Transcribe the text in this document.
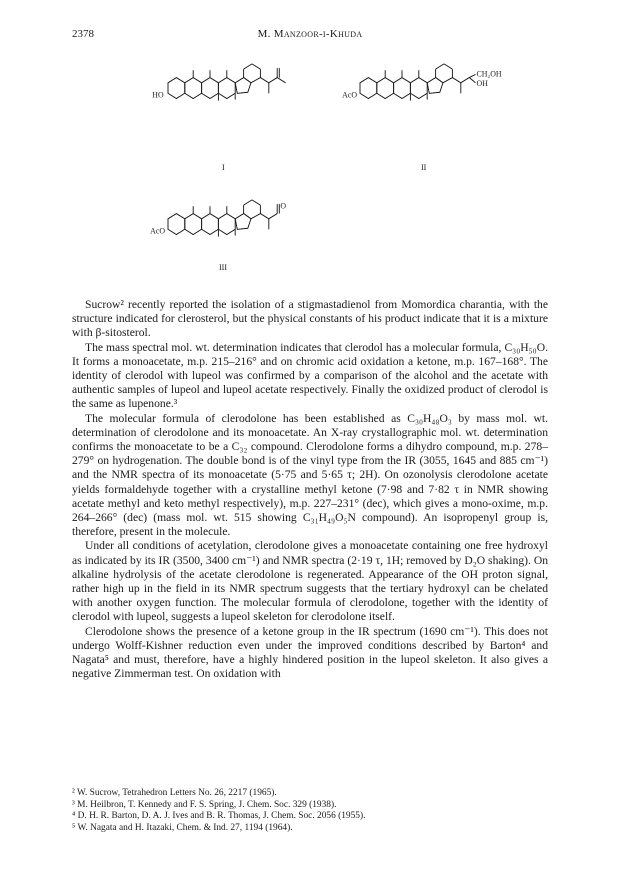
2378	M. Manzoor-i-Khuda
HO
I
AcO
CH₂OH
OH
II
AcO
O
III

Sucrow² recently reported the isolation of a stigmastadienol from Momordica charantia, with the structure indicated for clerosterol, but the physical constants of his product indicate that it is a mixture with β-sitosterol.

The mass spectral mol. wt. determination indicates that clerodol has a molecular formula, C₃₀H₅₀O. It forms a monoacetate, m.p. 215–216° and on chromic acid oxidation a ketone, m.p. 167–168°. The identity of clerodol with lupeol was confirmed by a comparison of the alcohol and the acetate with authentic samples of lupeol and lupeol acetate respectively. Finally the oxidized product of clerodol is the same as lupenone.³

The molecular formula of clerodolone has been established as C₃₀H₄₈O₃ by mass mol. wt. determination of clerodolone and its monoacetate. An X-ray crystallographic mol. wt. determination confirms the monoacetate to be a C₃₂ compound. Clerodolone forms a dihydro compound, m.p. 278–279° on hydrogenation. The double bond is of the vinyl type from the IR (3055, 1645 and 885 cm⁻¹) and the NMR spectra of its monoacetate (5·75 and 5·65 τ; 2H). On ozonolysis clerodolone acetate yields formaldehyde together with a crystalline methyl ketone (7·98 and 7·82 τ in NMR showing acetate methyl and keto methyl respectively), m.p. 227–231° (dec), which gives a mono-oxime, m.p. 264–266° (dec) (mass mol. wt. 515 showing C₃₁H₄₉O₅N compound). An isopropenyl group is, therefore, present in the molecule.

Under all conditions of acetylation, clerodolone gives a monoacetate containing one free hydroxyl as indicated by its IR (3500, 3400 cm⁻¹) and NMR spectra (2·19 τ, 1H; removed by D₂O shaking). On alkaline hydrolysis of the acetate clerodolone is regenerated. Appearance of the OH proton signal, rather high up in the field in its NMR spectrum suggests that the tertiary hydroxyl can be chelated with another oxygen function. The molecular formula of clerodolone, together with the identity of clerodol with lupeol, suggests a lupeol skeleton for clerodolone itself.

Clerodolone shows the presence of a ketone group in the IR spectrum (1690 cm⁻¹). This does not undergo Wolff-Kishner reduction even under the improved conditions described by Barton⁴ and Nagata⁵ and must, therefore, have a highly hindered position in the lupeol skeleton. It also gives a negative Zimmerman test. On oxidation with

² W. Sucrow, Tetrahedron Letters No. 26, 2217 (1965).
³ M. Heilbron, T. Kennedy and F. S. Spring, J. Chem. Soc. 329 (1938).
⁴ D. H. R. Barton, D. A. J. Ives and B. R. Thomas, J. Chem. Soc. 2056 (1955).
⁵ W. Nagata and H. Itazaki, Chem. & Ind. 27, 1194 (1964).
